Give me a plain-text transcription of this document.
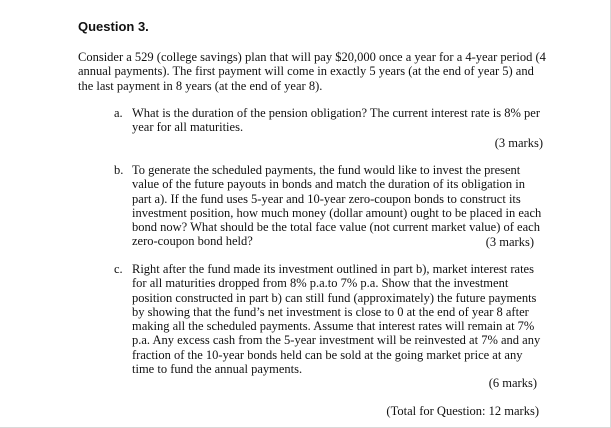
Question 3.

Consider a 529 (college savings) plan that will pay $20,000 once a year for a 4-year period (4 annual payments). The first payment will come in exactly 5 years (at the end of year 5) and the last payment in 8 years (at the end of year 8).

a. What is the duration of the pension obligation? The current interest rate is 8% per year for all maturities.

(3 marks)
b. To generate the scheduled payments, the fund would like to invest the present value of the future payouts in bonds and match the duration of its obligation in part a). If the fund uses 5-year and 10-year zero-coupon bonds to construct its investment position, how much money (dollar amount) ought to be placed in each bond now? What should be the total face value (not current market value) of each zero-coupon bond held?	(3 marks)
c. Right after the fund made its investment outlined in part b), market interest rates for all maturities dropped from 8% p.a.to 7% p.a. Show that the investment position constructed in part b) can still fund (approximately) the future payments by showing that the fund’s net investment is close to 0 at the end of year 8 after making all the scheduled payments. Assume that interest rates will remain at 7% p.a. Any excess cash from the 5-year investment will be reinvested at 7% and any fraction of the 10-year bonds held can be sold at the going market price at any time to fund the annual payments.

(6 marks)
(Total for Question: 12 marks)
